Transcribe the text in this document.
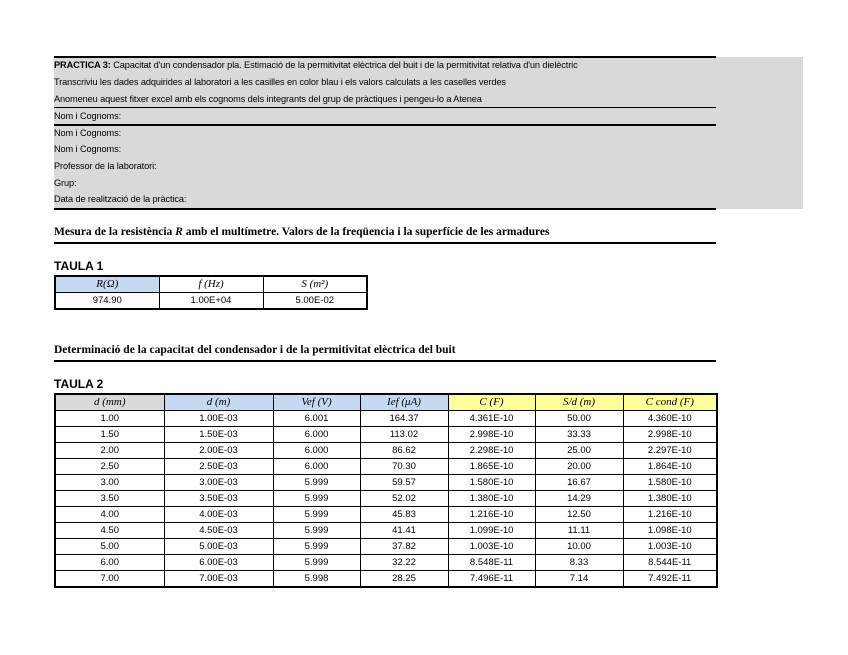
PRACTICA 3: Capacitat d'un condensador pla. Estimació de la permitivitat elèctrica del buit i de la permitivitat relativa d'un dielèctric
Transcriviu les dades adquirides al laboratori a les casilles en color blau i els valors calculats a les caselles verdes
Anomeneu aquest fitxer excel amb els cognoms dels integrants del grup de pràctiques i pengeu-lo a Atenea
Nom i Cognoms:
Nom i Cognoms:
Nom i Cognoms:
Professor de la laboratori:
Grup:
Data de realització de la pràctica:
Mesura de la resistència R amb el multímetre. Valors de la freqüencia i la superfície de les armadures
TAULA 1
R(Ω)	f (Hz)	S (m²)
974.90	1.00E+04	5.00E-02
Determinació de la capacitat del condensador i de la permitivitat elèctrica del buit
TAULA 2
d (mm)	d (m)	Vef (V)	Ief (μA)	C (F)	S/d (m)	C cond (F)
1.00	1.00E-03	6.001	164.37	4.361E-10	50.00	4.360E-10
1.50	1.50E-03	6.000	113.02	2.998E-10	33.33	2.998E-10
2.00	2.00E-03	6.000	86.62	2.298E-10	25.00	2.297E-10
2.50	2.50E-03	6.000	70.30	1.865E-10	20.00	1.864E-10
3.00	3.00E-03	5.999	59.57	1.580E-10	16.67	1.580E-10
3.50	3.50E-03	5.999	52.02	1.380E-10	14.29	1.380E-10
4.00	4.00E-03	5.999	45.83	1.216E-10	12.50	1.216E-10
4.50	4.50E-03	5.999	41.41	1.099E-10	11.11	1.098E-10
5.00	5.00E-03	5.999	37.82	1.003E-10	10.00	1.003E-10
6.00	6.00E-03	5.999	32.22	8.548E-11	8.33	8.544E-11
7.00	7.00E-03	5.998	28.25	7.496E-11	7.14	7.492E-11
